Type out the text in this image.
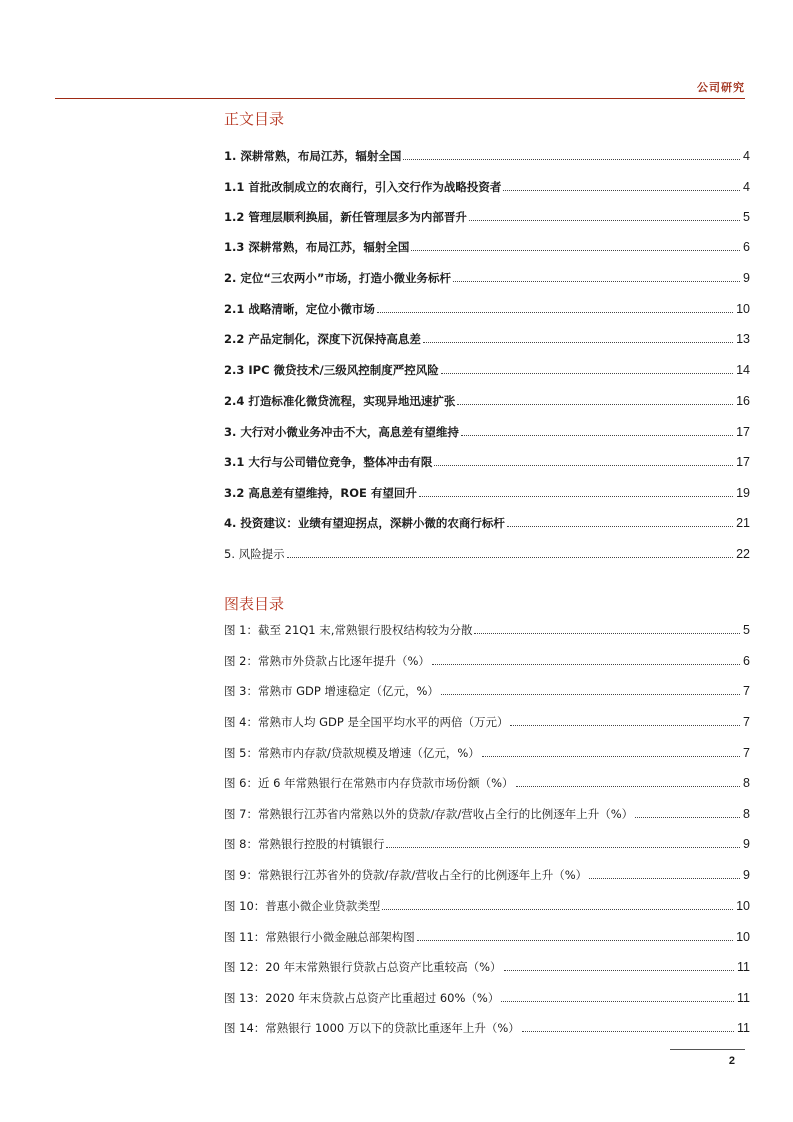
公司研究
正文目录
1. 深耕常熟，布局江苏，辐射全国	4
1.1 首批改制成立的农商行，引入交行作为战略投资者	4
1.2 管理层顺利换届，新任管理层多为内部晋升	5
1.3 深耕常熟，布局江苏，辐射全国	6
2. 定位“三农两小”市场，打造小微业务标杆	9
2.1 战略清晰，定位小微市场	10
2.2 产品定制化，深度下沉保持高息差	13
2.3 IPC 微贷技术/三级风控制度严控风险	14
2.4 打造标准化微贷流程，实现异地迅速扩张	16
3. 大行对小微业务冲击不大，高息差有望维持	17
3.1 大行与公司错位竞争，整体冲击有限	17
3.2 高息差有望维持，ROE 有望回升	19
4. 投资建议：业绩有望迎拐点，深耕小微的农商行标杆	21
5. 风险提示	22
图表目录
图 1：截至 21Q1 末,常熟银行股权结构较为分散	5
图 2：常熟市外贷款占比逐年提升（%）	6
图 3：常熟市 GDP 增速稳定（亿元，%）	7
图 4：常熟市人均 GDP 是全国平均水平的两倍（万元）	7
图 5：常熟市内存款/贷款规模及增速（亿元，%）	7
图 6：近 6 年常熟银行在常熟市内存贷款市场份额（%）	8
图 7：常熟银行江苏省内常熟以外的贷款/存款/营收占全行的比例逐年上升（%）	8
图 8：常熟银行控股的村镇银行	9
图 9：常熟银行江苏省外的贷款/存款/营收占全行的比例逐年上升（%）	9
图 10：普惠小微企业贷款类型	10
图 11：常熟银行小微金融总部架构图	10
图 12：20 年末常熟银行贷款占总资产比重较高（%）	11
图 13：2020 年末贷款占总资产比重超过 60%（%）	11
图 14：常熟银行 1000 万以下的贷款比重逐年上升（%）	11
2
